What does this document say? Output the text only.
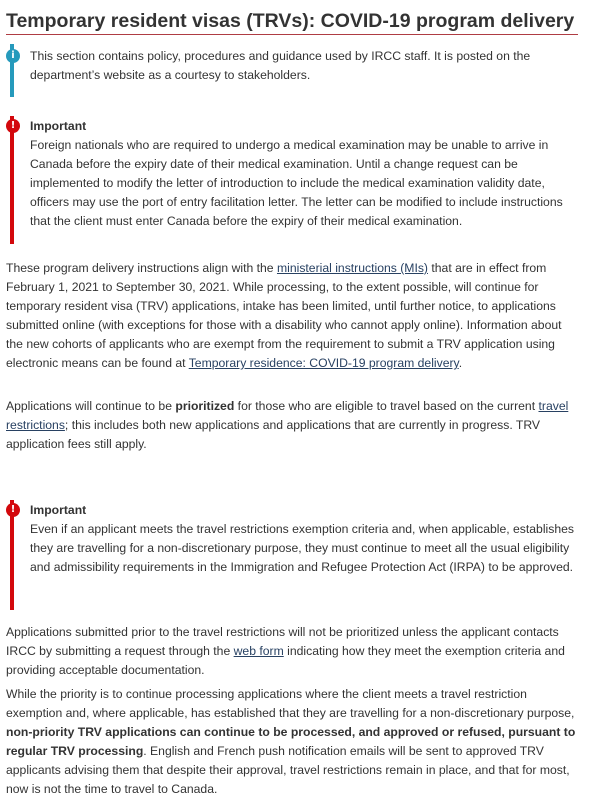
Temporary resident visas (TRVs): COVID-19 program delivery
i	This section contains policy, procedures and guidance used by IRCC staff. It is posted on the department’s website as a courtesy to stakeholders.

!	Important

Foreign nationals who are required to undergo a medical examination may be unable to arrive in Canada before the expiry date of their medical examination. Until a change request can be implemented to modify the letter of introduction to include the medical examination validity date, officers may use the port of entry facilitation letter. The letter can be modified to include instructions that the client must enter Canada before the expiry of their medical examination.

These program delivery instructions align with the ministerial instructions (MIs) that are in effect from February 1, 2021 to September 30, 2021. While processing, to the extent possible, will continue for temporary resident visa (TRV) applications, intake has been limited, until further notice, to applications submitted online (with exceptions for those with a disability who cannot apply online). Information about the new cohorts of applicants who are exempt from the requirement to submit a TRV application using electronic means can be found at Temporary residence: COVID-19 program delivery.

Applications will continue to be prioritized for those who are eligible to travel based on the current travel restrictions; this includes both new applications and applications that are currently in progress. TRV application fees still apply.

!	Important

Even if an applicant meets the travel restrictions exemption criteria and, when applicable, establishes they are travelling for a non-discretionary purpose, they must continue to meet all the usual eligibility and admissibility requirements in the Immigration and Refugee Protection Act (IRPA) to be approved.

Applications submitted prior to the travel restrictions will not be prioritized unless the applicant contacts IRCC by submitting a request through the web form indicating how they meet the exemption criteria and providing acceptable documentation.

While the priority is to continue processing applications where the client meets a travel restriction exemption and, where applicable, has established that they are travelling for a non-discretionary purpose, non-priority TRV applications can continue to be processed, and approved or refused, pursuant to regular TRV processing. English and French push notification emails will be sent to approved TRV applicants advising them that despite their approval, travel restrictions remain in place, and that for most, now is not the time to travel to Canada.
